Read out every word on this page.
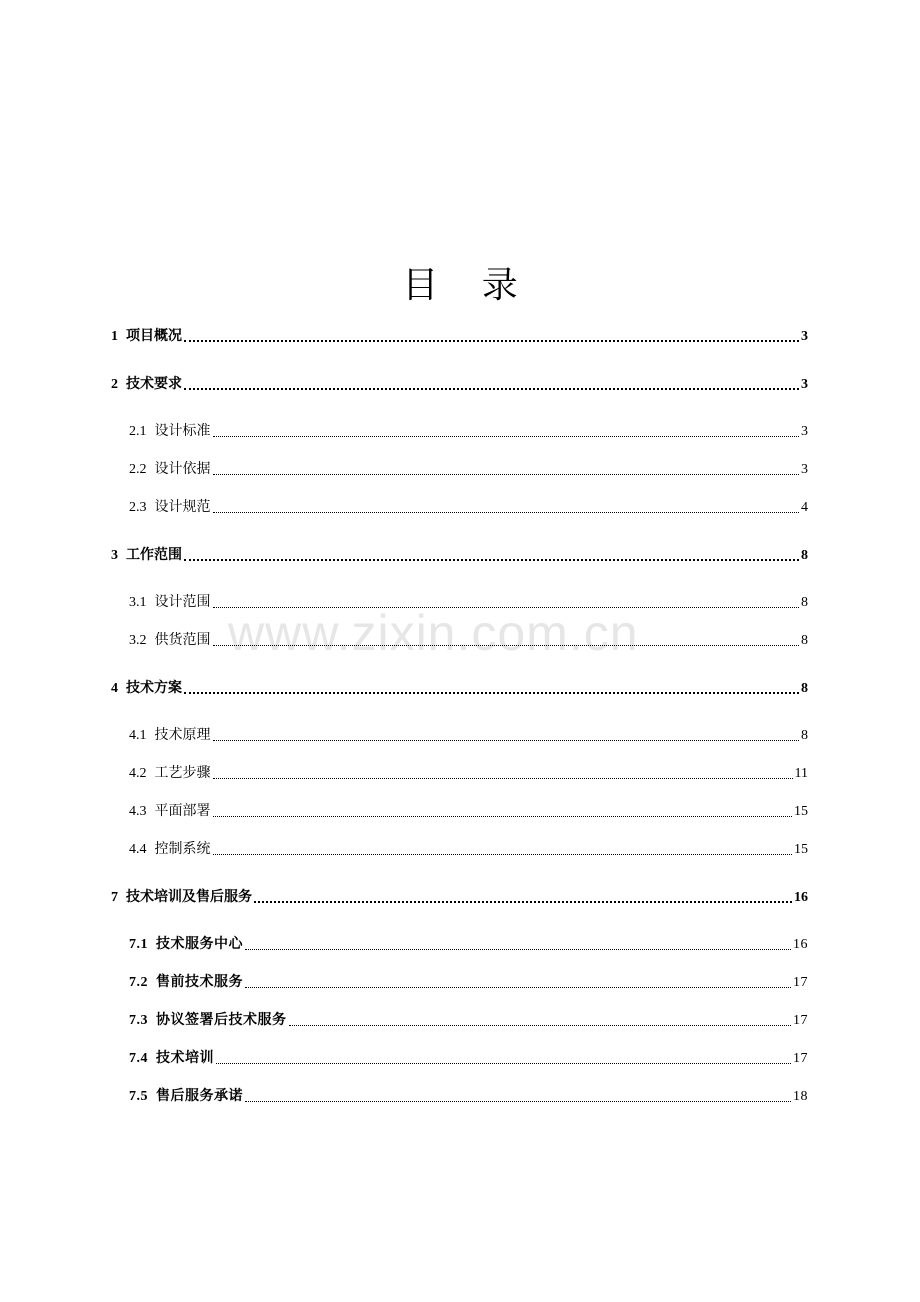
www.zixin.com.cn
目 录
1 项目概况	3
2 技术要求	3
2.1 设计标准	3
2.2 设计依据	3
2.3 设计规范	4
3 工作范围	8
3.1 设计范围	8
3.2 供货范围	8
4 技术方案	8
4.1 技术原理	8
4.2 工艺步骤	11
4.3 平面部署	15
4.4 控制系统	15
7 技术培训及售后服务	16
7.1 技术服务中心	16
7.2 售前技术服务	17
7.3 协议签署后技术服务	17
7.4 技术培训	17
7.5 售后服务承诺	18
